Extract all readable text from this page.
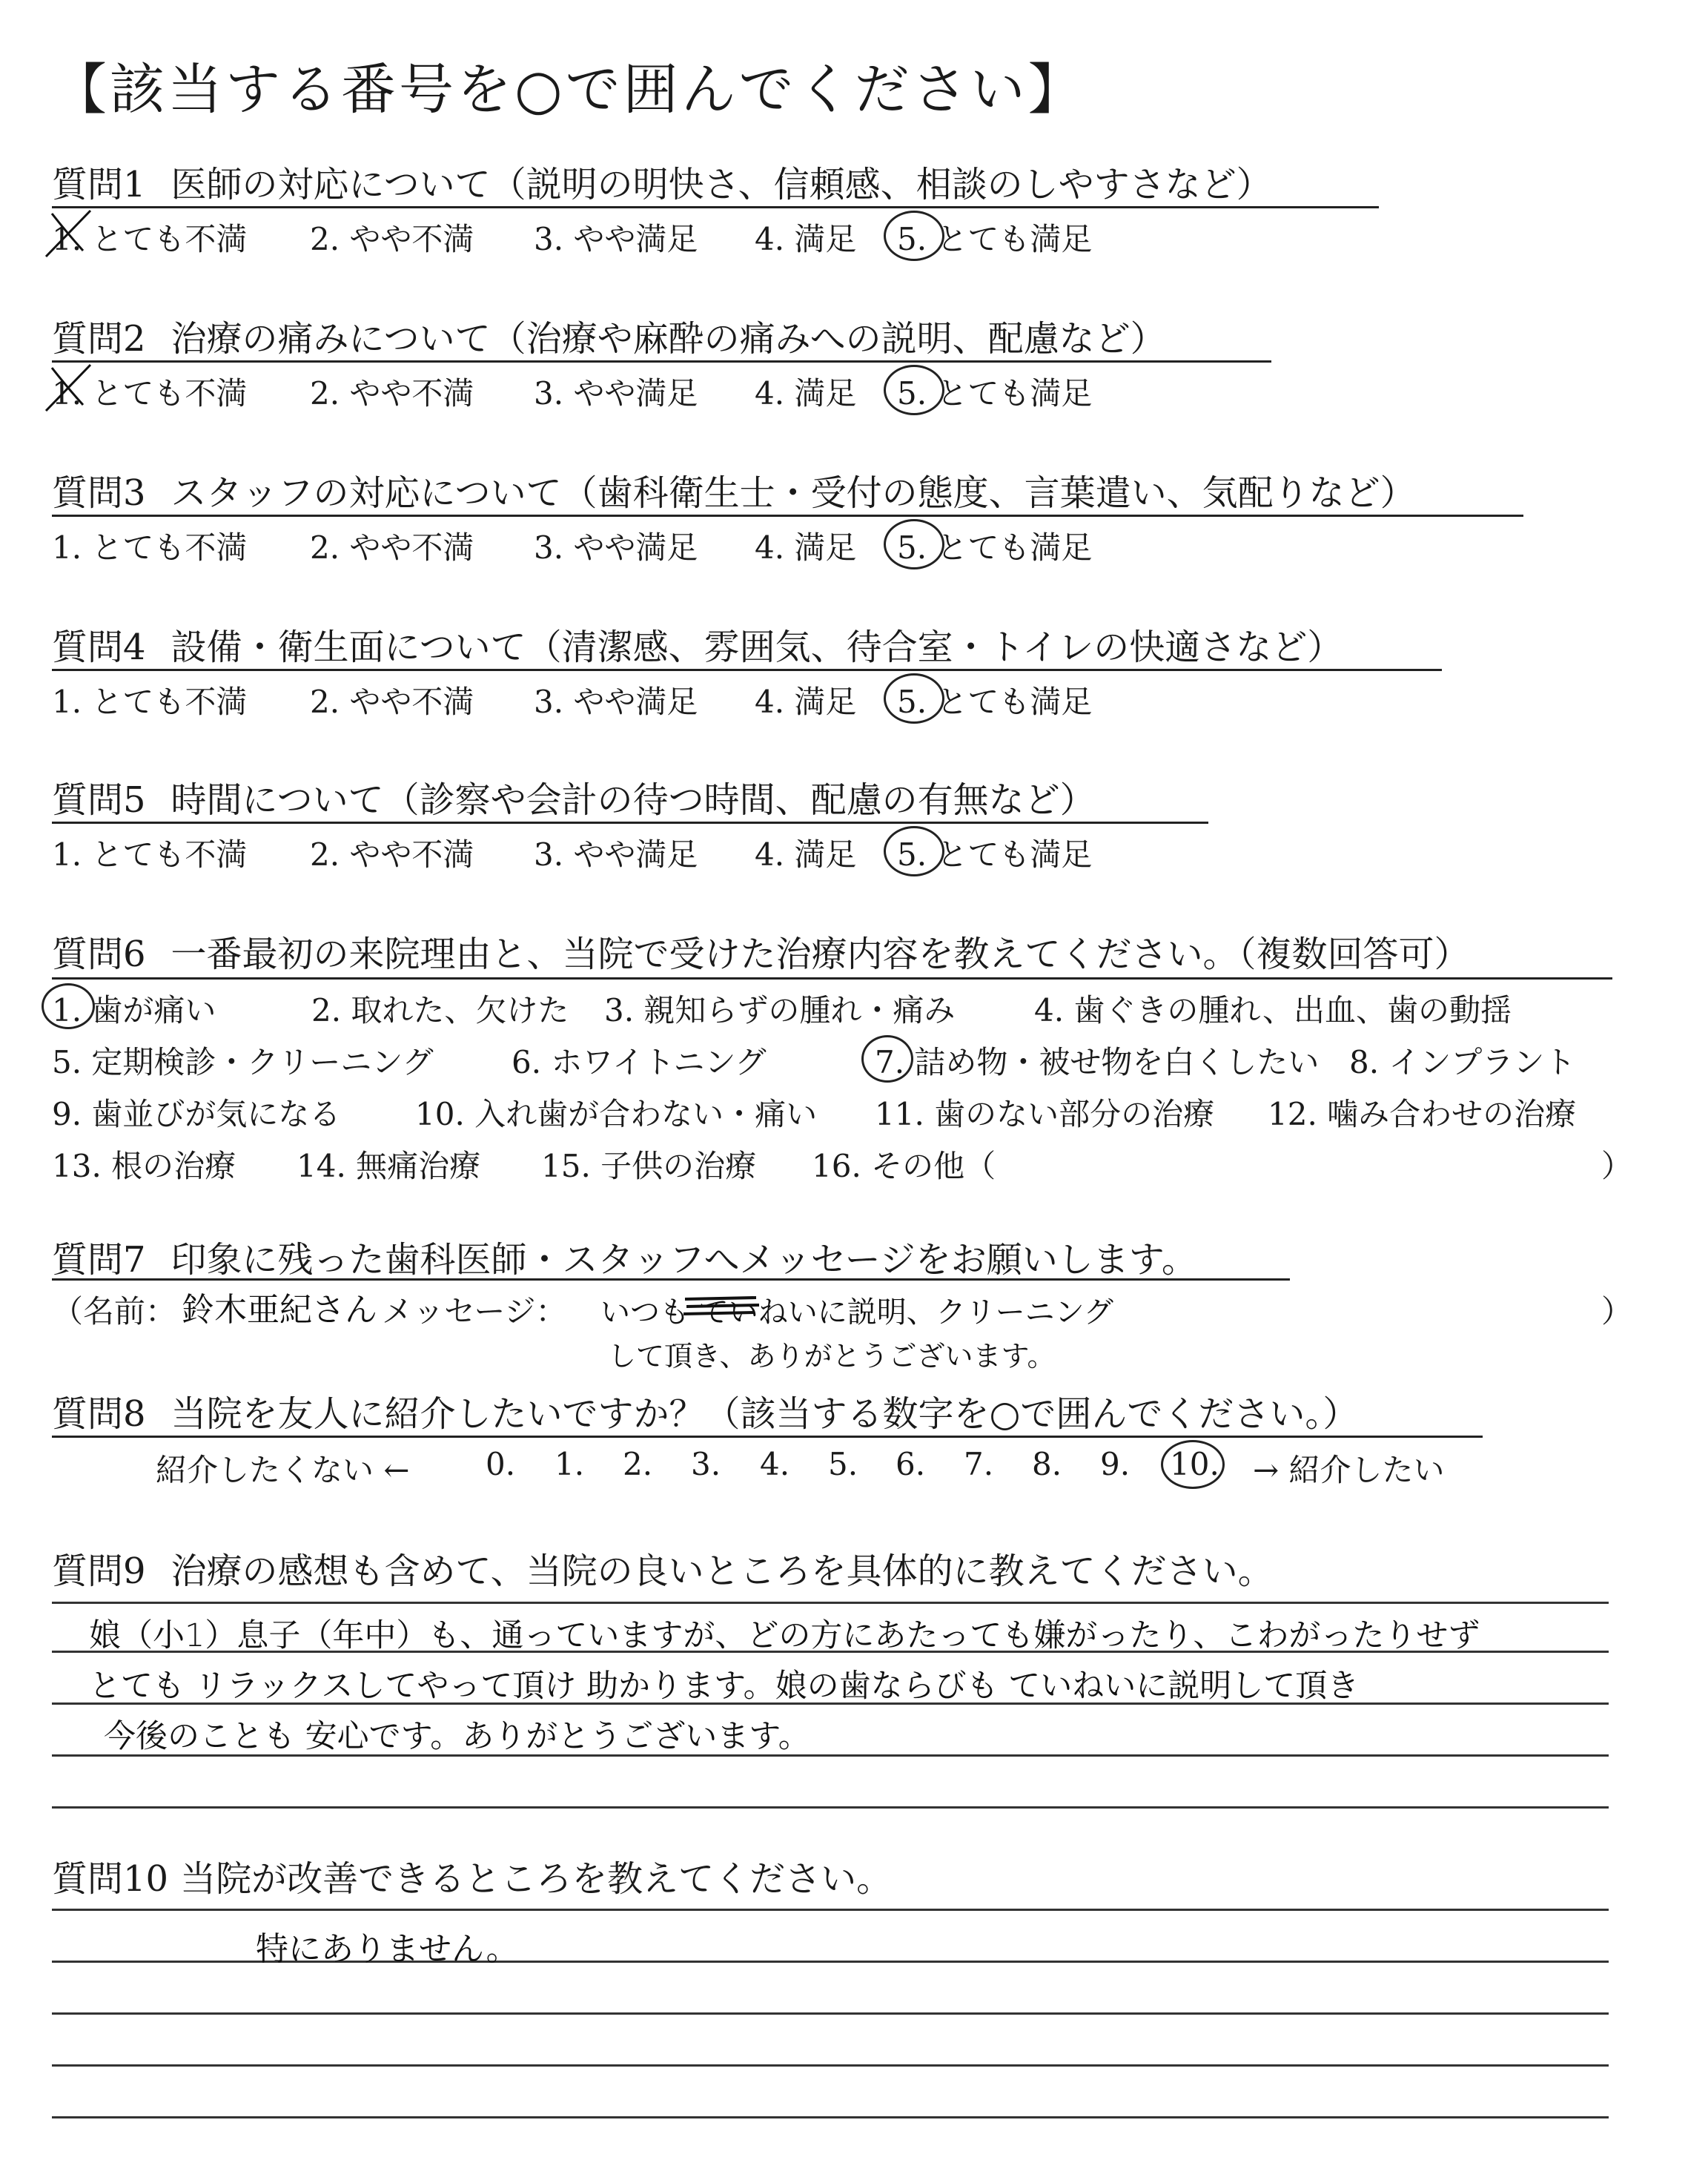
【該当する番号を○で囲んでください】
質問1 医師の対応について（説明の明快さ、信頼感、相談のしやすさなど）
1. とても不満 2. やや不満 3. やや満足 4. 満足 5. とても満足
質問2 治療の痛みについて（治療や麻酔の痛みへの説明、配慮など）
1. とても不満 2. やや不満 3. やや満足 4. 満足 5. とても満足
質問3 スタッフの対応について（歯科衛生士・受付の態度、言葉遣い、気配りなど）
1. とても不満 2. やや不満 3. やや満足 4. 満足 5. とても満足
質問4 設備・衛生面について（清潔感、雰囲気、待合室・トイレの快適さなど）
1. とても不満 2. やや不満 3. やや満足 4. 満足 5. とても満足
質問5 時間について（診察や会計の待つ時間、配慮の有無など）
1. とても不満 2. やや不満 3. やや満足 4. 満足 5. とても満足
質問6 一番最初の来院理由と、当院で受けた治療内容を教えてください。（複数回答可）
1. 歯が痛い	2. 取れた、欠けた 3. 親知らずの腫れ・痛み	4. 歯ぐきの腫れ、出血、歯の動揺
5. 定期検診・クリーニング	6. ホワイトニング	7. 詰め物・被せ物を白くしたい 8. インプラント
9. 歯並びが気になる 10. 入れ歯が合わない・痛い 11. 歯のない部分の治療 12. 噛み合わせの治療
13. 根の治療 14. 無痛治療 15. 子供の治療 16. その他（	）
質問7 印象に残った歯科医師・スタッフへメッセージをお願いします。
（名前： 鈴木亜紀さん メッセージ： いつも ていねいに説明、クリーニング
して頂き、ありがとうございます。
）
質問8 当院を友人に紹介したいですか？（該当する数字を○で囲んでください。）
紹介したくない ← 0. 1. 2. 3. 4. 5. 6. 7. 8. 9. 10. → 紹介したい
質問9 治療の感想も含めて、当院の良いところを具体的に教えてください。
娘（小1）息子（年中）も、通っていますが、どの方にあたっても嫌がったり、こわがったりせず
とても リラックスしてやって頂け 助かります。娘の歯ならびも ていねいに説明して頂き
今後のことも 安心です。ありがとうございます。
質問10 当院が改善できるところを教えてください。
特にありません。
